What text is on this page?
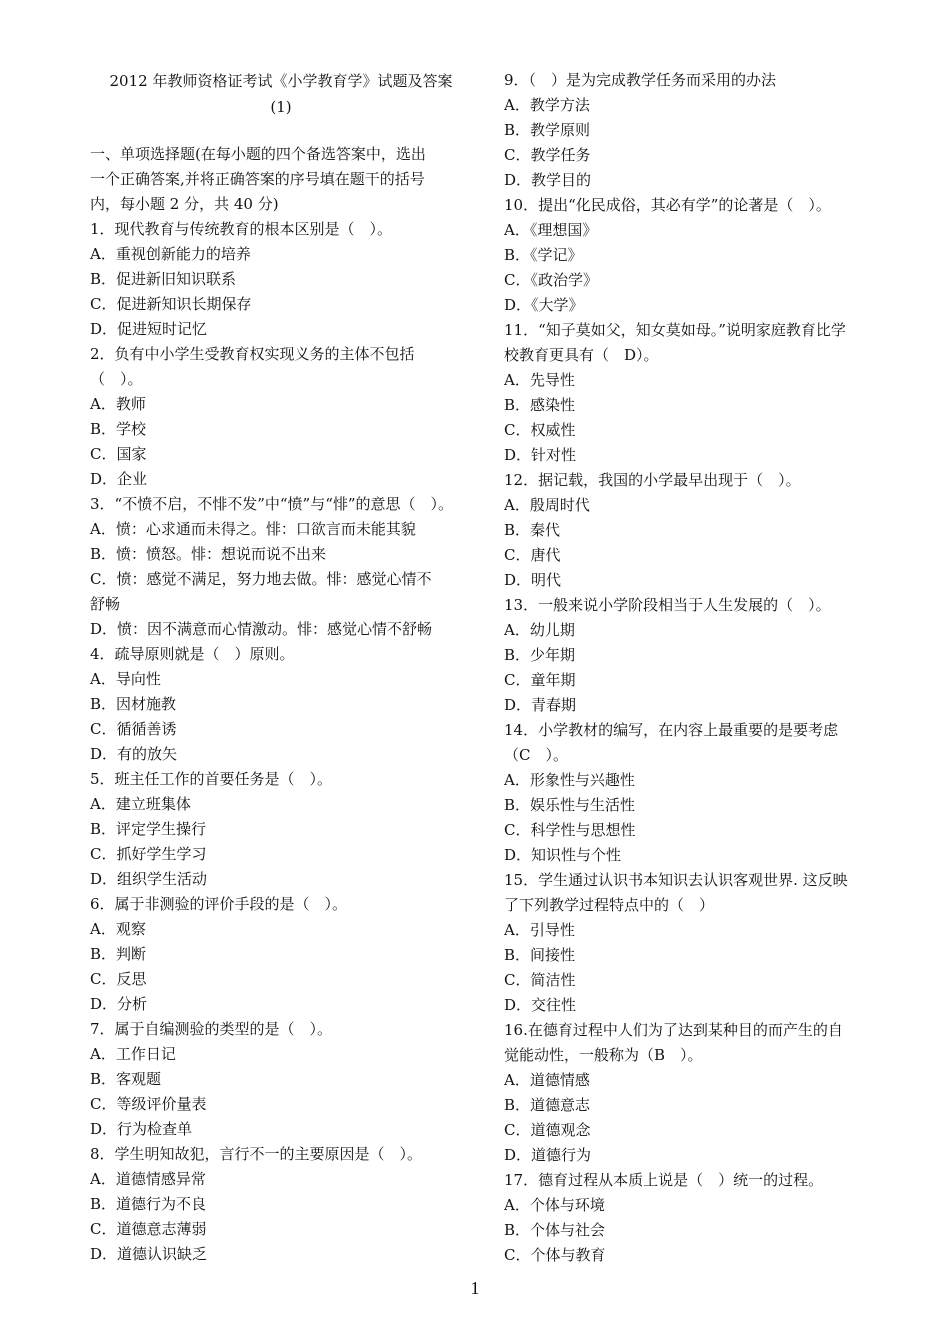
2012 年教师资格证考试《小学教育学》试题及答案
(1)
一、单项选择题(在每小题的四个备选答案中，选出
一个正确答案,并将正确答案的序号填在题干的括号
内，每小题 2 分，共 40 分)
1．现代教育与传统教育的根本区别是（　）。
A．重视创新能力的培养
B．促进新旧知识联系
C．促进新知识长期保存
D．促进短时记忆
2．负有中小学生受教育权实现义务的主体不包括
（　）。
A．教师
B．学校
C．国家
D．企业
3．“不愤不启，不悱不发”中“愤”与“悱”的意思（　）。
A．愤：心求通而未得之。悱：口欲言而未能其貌
B．愤：愤怒。悱：想说而说不出来
C．愤：感觉不满足，努力地去做。悱：感觉心情不
舒畅
D．愤：因不满意而心情激动。悱：感觉心情不舒畅
4．疏导原则就是（　）原则。
A．导向性
B．因材施教
C．循循善诱
D．有的放矢
5．班主任工作的首要任务是（　）。
A．建立班集体
B．评定学生操行
C．抓好学生学习
D．组织学生活动
6．属于非测验的评价手段的是（　）。
A．观察
B．判断
C．反思
D．分析
7．属于自编测验的类型的是（　）。
A．工作日记
B．客观题
C．等级评价量表
D．行为检查单
8．学生明知故犯，言行不一的主要原因是（　）。
A．道德情感异常
B．道德行为不良
C．道德意志薄弱
D．道德认识缺乏
9．（　）是为完成教学任务而采用的办法
A．教学方法
B．教学原则
C．教学任务
D．教学目的
10．提出“化民成俗，其必有学”的论著是（　）。
A．《理想国》
B．《学记》
C．《政治学》
D．《大学》
11．“知子莫如父，知女莫如母。”说明家庭教育比学
校教育更具有（　D）。
A．先导性
B．感染性
C．权威性
D．针对性
12．据记载，我国的小学最早出现于（　）。
A．殷周时代
B．秦代
C．唐代
D．明代
13．一般来说小学阶段相当于人生发展的（　）。
A．幼儿期
B．少年期
C．童年期
D．青春期
14．小学教材的编写，在内容上最重要的是要考虑
（C　）。
A．形象性与兴趣性
B．娱乐性与生活性
C．科学性与思想性
D．知识性与个性
15．学生通过认识书本知识去认识客观世界. 这反映
了下列教学过程特点中的（　）
A．引导性
B．间接性
C．简洁性
D．交往性
16.在德育过程中人们为了达到某种目的而产生的自
觉能动性，一般称为（B　）。
A．道德情感
B．道德意志
C．道德观念
D．道德行为
17．德育过程从本质上说是（　）统一的过程。
A．个体与环境
B．个体与社会
C．个体与教育
1
